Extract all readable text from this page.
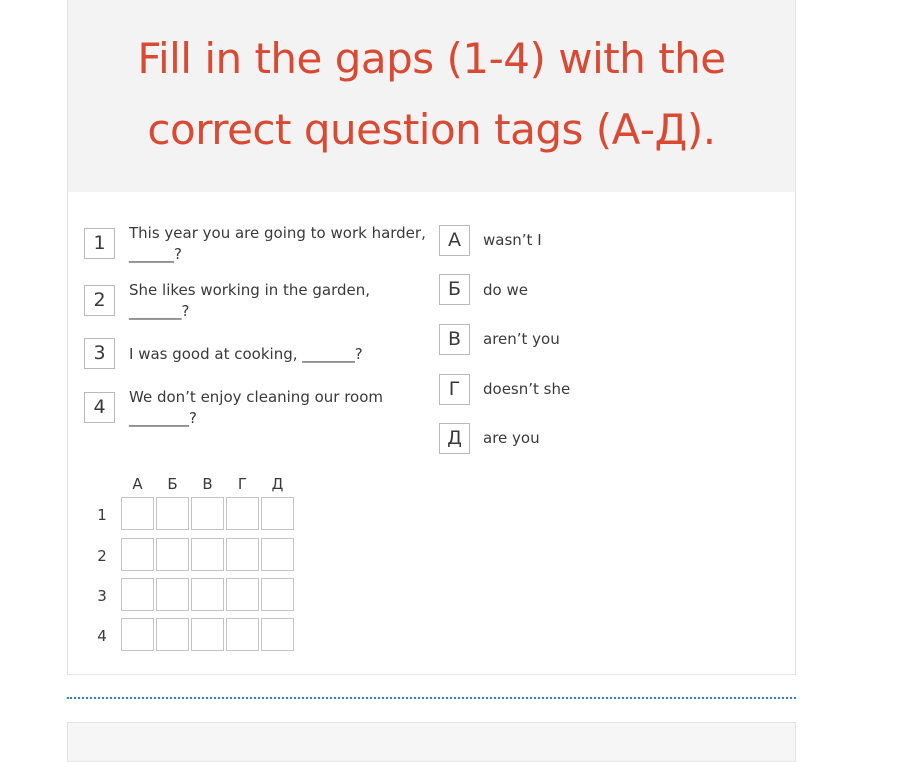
Fill in the gaps (1-4) with the
correct question tags (А-Д).
1	This year you are going to work harder,
______?
2	She likes working in the garden,
_______?
3	I was good at cooking, _______?
4	We don’t enjoy cleaning our room
________?
А	wasn’t I
Б	do we
В	aren’t you
Г	doesn’t she
Д	are you
А	Б	В	Г	Д
1
2
3
4
